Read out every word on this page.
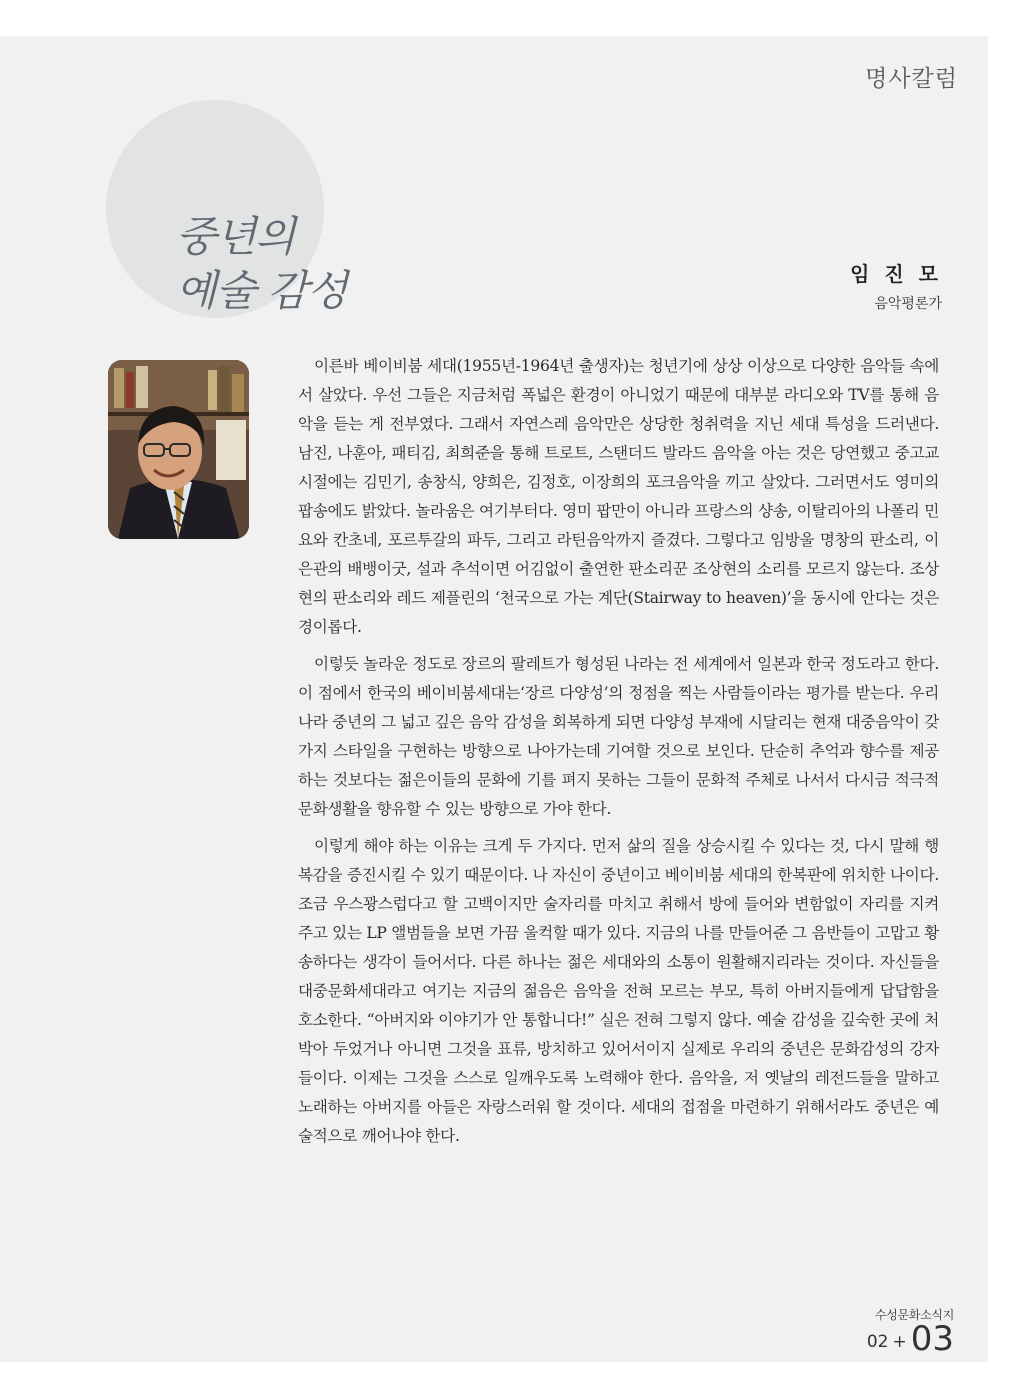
명사칼럼
중년의
예술 감성	임 진 모
음악평론가

이른바 베이비붐 세대(1955년-1964년 출생자)는 청년기에 상상 이상으로 다양한 음악들 속에서 살았다. 우선 그들은 지금처럼 폭넓은 환경이 아니었기 때문에 대부분 라디오와 TV를 통해 음악을 듣는 게 전부였다. 그래서 자연스레 음악만은 상당한 청취력을 지닌 세대 특성을 드러낸다. 남진, 나훈아, 패티김, 최희준을 통해 트로트, 스탠더드 발라드 음악을 아는 것은 당연했고 중고교 시절에는 김민기, 송창식, 양희은, 김정호, 이장희의 포크음악을 끼고 살았다. 그러면서도 영미의 팝송에도 밝았다. 놀라움은 여기부터다. 영미 팝만이 아니라 프랑스의 샹송, 이탈리아의 나폴리 민요와 칸초네, 포르투갈의 파두, 그리고 라틴음악까지 즐겼다. 그렇다고 임방울 명창의 판소리, 이은관의 배뱅이굿, 설과 추석이면 어김없이 출연한 판소리꾼 조상현의 소리를 모르지 않는다. 조상현의 판소리와 레드 제플린의 ‘천국으로 가는 계단(Stairway to heaven)’을 동시에 안다는 것은 경이롭다.

이렇듯 놀라운 정도로 장르의 팔레트가 형성된 나라는 전 세계에서 일본과 한국 정도라고 한다. 이 점에서 한국의 베이비붐세대는‘장르 다양성’의 정점을 찍는 사람들이라는 평가를 받는다. 우리나라 중년의 그 넓고 깊은 음악 감성을 회복하게 되면 다양성 부재에 시달리는 현재 대중음악이 갖가지 스타일을 구현하는 방향으로 나아가는데 기여할 것으로 보인다. 단순히 추억과 향수를 제공하는 것보다는 젊은이들의 문화에 기를 펴지 못하는 그들이 문화적 주체로 나서서 다시금 적극적 문화생활을 향유할 수 있는 방향으로 가야 한다.

이렇게 해야 하는 이유는 크게 두 가지다. 먼저 삶의 질을 상승시킬 수 있다는 것, 다시 말해 행복감을 증진시킬 수 있기 때문이다. 나 자신이 중년이고 베이비붐 세대의 한복판에 위치한 나이다. 조금 우스꽝스럽다고 할 고백이지만 술자리를 마치고 취해서 방에 들어와 변함없이 자리를 지켜주고 있는 LP 앨범들을 보면 가끔 울컥할 때가 있다. 지금의 나를 만들어준 그 음반들이 고맙고 황송하다는 생각이 들어서다. 다른 하나는 젊은 세대와의 소통이 원활해지리라는 것이다. 자신들을 대중문화세대라고 여기는 지금의 젊음은 음악을 전혀 모르는 부모, 특히 아버지들에게 답답함을 호소한다. “아버지와 이야기가 안 통합니다!” 실은 전혀 그렇지 않다. 예술 감성을 깊숙한 곳에 처박아 두었거나 아니면 그것을 표류, 방치하고 있어서이지 실제로 우리의 중년은 문화감성의 강자들이다. 이제는 그것을 스스로 일깨우도록 노력해야 한다. 음악을, 저 옛날의 레전드들을 말하고 노래하는 아버지를 아들은 자랑스러워 할 것이다. 세대의 접점을 마련하기 위해서라도 중년은 예술적으로 깨어나야 한다.

수성문화소식지
02 + 03
